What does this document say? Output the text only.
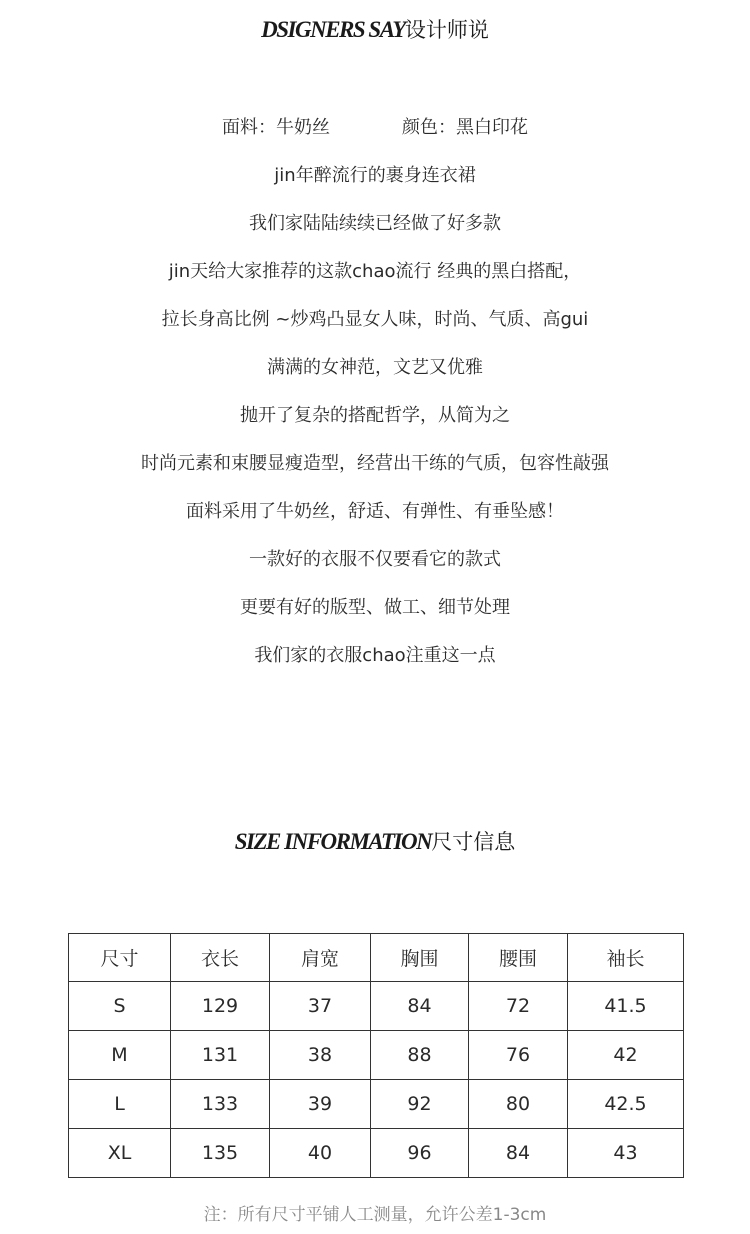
DSIGNERS SAY设计师说
面料：牛奶丝	颜色：黑白印花
jin年醉流行的裹身连衣裙
我们家陆陆续续已经做了好多款
jin天给大家推荐的这款chao流行 经典的黑白搭配，
拉长身高比例 ~炒鸡凸显女人味，时尚、气质、高gui
满满的女神范，文艺又优雅
抛开了复杂的搭配哲学，从简为之
时尚元素和束腰显瘦造型，经营出干练的气质，包容性敲强
面料采用了牛奶丝，舒适、有弹性、有垂坠感！
一款好的衣服不仅要看它的款式
更要有好的版型、做工、细节处理
我们家的衣服chao注重这一点
SIZE INFORMATION尺寸信息
尺寸	衣长	肩宽	胸围	腰围	袖长
S	129	37	84	72	41.5
M	131	38	88	76	42
L	133	39	92	80	42.5
XL	135	40	96	84	43
注：所有尺寸平铺人工测量，允许公差1-3cm
